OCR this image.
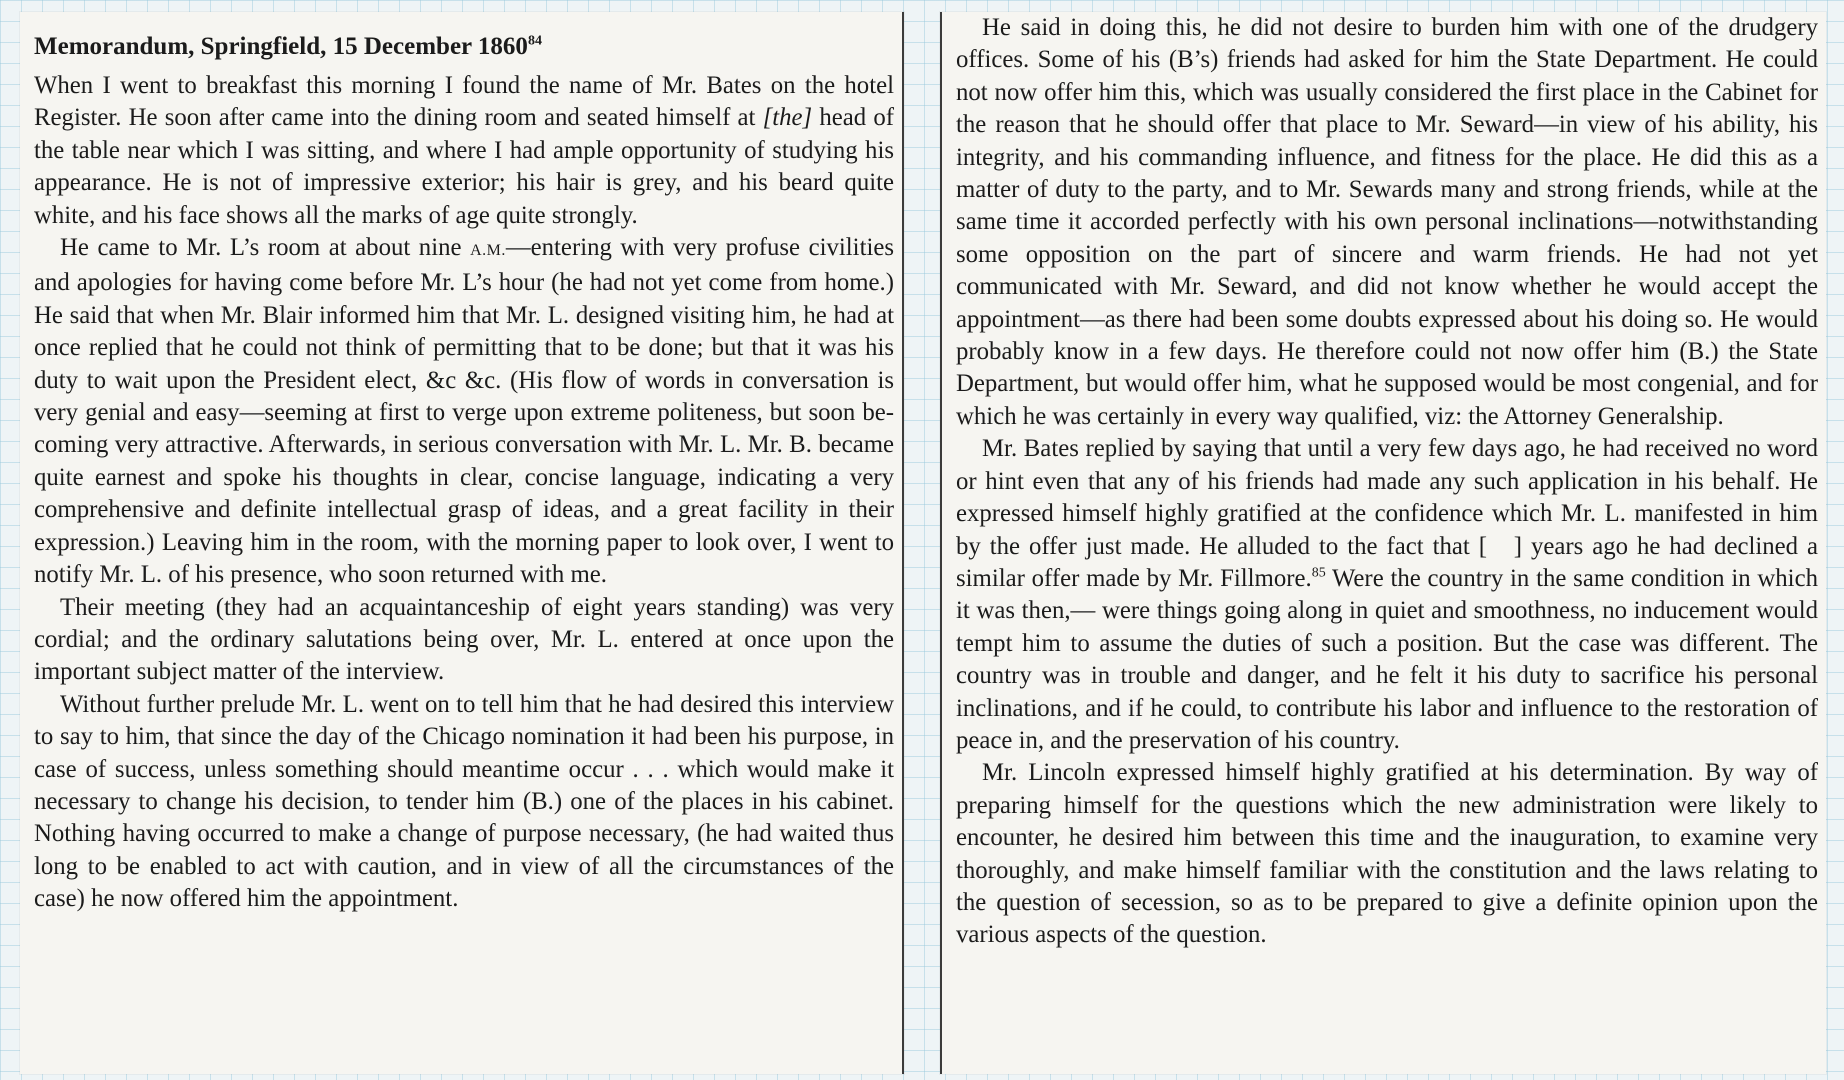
Memorandum, Springfield, 15 December 1860$^{84}$

When I went to breakfast this morning I found the name of Mr. Bates on the hotel Register. He soon after came into the dining room and seated himself at [the] head of the table near which I was sitting, and where I had ample opportunity of studying his appearance. He is not of impressive exterior; his hair is grey, and his beard quite white, and his face shows all the marks of age quite strongly.

He came to Mr. L’s room at about nine A.M.—entering with very profuse civilities and apologies for having come before Mr. L’s hour (he had not yet come from home.) He said that when Mr. Blair informed him that Mr. L. designed visiting him, he had at once replied that he could not think of permitting that to be done; but that it was his duty to wait upon the President elect, &c &c. (His flow of words in conversation is very genial and easy—seeming at first to verge upon extreme politeness, but soon becoming very attractive. Afterwards, in serious conversation with Mr. L. Mr. B. became quite earnest and spoke his thoughts in clear, concise language, indicating a very comprehensive and definite intellectual grasp of ideas, and a great facility in their expression.) Leaving him in the room, with the morning paper to look over, I went to notify Mr. L. of his presence, who soon returned with me.

Their meeting (they had an acquaintanceship of eight years standing) was very cordial; and the ordinary salutations being over, Mr. L. entered at once upon the important subject matter of the interview.

Without further prelude Mr. L. went on to tell him that he had desired this interview to say to him, that since the day of the Chicago nomination it had been his purpose, in case of success, unless something should meantime occur . . . which would make it necessary to change his decision, to tender him (B.) one of the places in his cabinet. Nothing having occurred to make a change of purpose necessary, (he had waited thus long to be enabled to act with caution, and in view of all the circumstances of the case) he now offered him the appointment.

He said in doing this, he did not desire to burden him with one of the drudgery offices. Some of his (B’s) friends had asked for him the State Department. He could not now offer him this, which was usually considered the first place in the Cabinet for the reason that he should offer that place to Mr. Seward—in view of his ability, his integrity, and his commanding influence, and fitness for the place. He did this as a matter of duty to the party, and to Mr. Sewards many and strong friends, while at the same time it accorded perfectly with his own personal inclinations—notwithstanding some opposition on the part of sincere and warm friends. He had not yet communicated with Mr. Seward, and did not know whether he would accept the appointment—as there had been some doubts expressed about his doing so. He would probably know in a few days. He therefore could not now offer him (B.) the State Department, but would offer him, what he supposed would be most congenial, and for which he was certainly in every way qualified, viz: the Attorney Generalship.

Mr. Bates replied by saying that until a very few days ago, he had received no word or hint even that any of his friends had made any such application in his behalf. He expressed himself highly gratified at the confidence which Mr. L. manifested in him by the offer just made. He alluded to the fact that [   ] years ago he had declined a similar offer made by Mr. Fillmore.$^{85}$ Were the country in the same condition in which it was then,— were things going along in quiet and smoothness, no inducement would tempt him to assume the duties of such a position. But the case was different. The country was in trouble and danger, and he felt it his duty to sacrifice his personal inclinations, and if he could, to contribute his labor and influence to the restoration of peace in, and the preservation of his country.

Mr. Lincoln expressed himself highly gratified at his determination. By way of preparing himself for the questions which the new administration were likely to encounter, he desired him between this time and the inauguration, to examine very thoroughly, and make himself familiar with the constitution and the laws relating to the question of secession, so as to be prepared to give a definite opinion upon the various aspects of the question.
